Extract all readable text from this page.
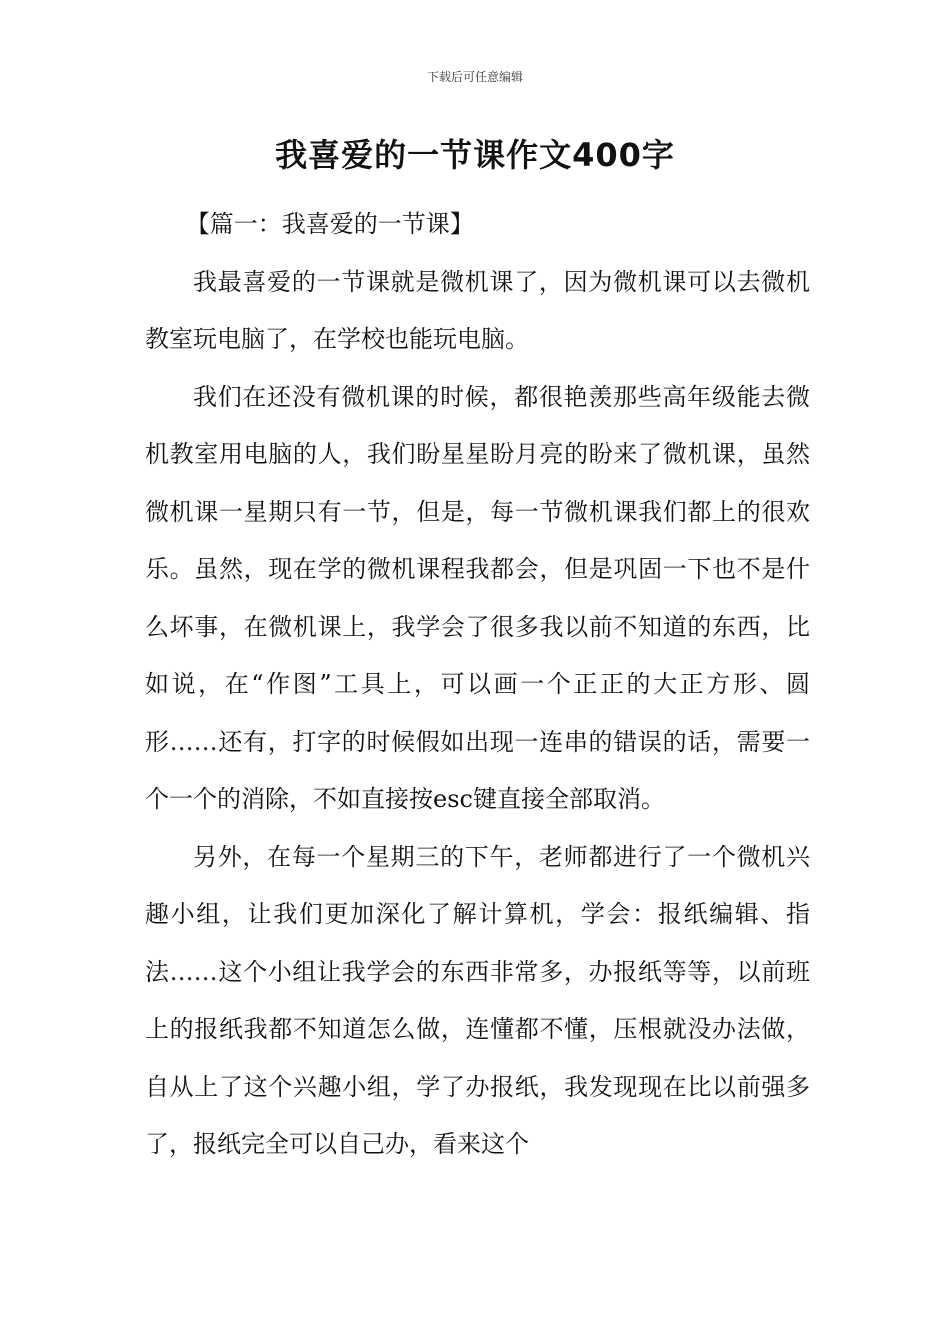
下载后可任意编辑
我喜爱的一节课作文400字

【篇一：我喜爱的一节课】

我最喜爱的一节课就是微机课了，因为微机课可以去微机教室玩电脑了，在学校也能玩电脑。

我们在还没有微机课的时候，都很艳羡那些高年级能去微机教室用电脑的人，我们盼星星盼月亮的盼来了微机课，虽然微机课一星期只有一节，但是，每一节微机课我们都上的很欢乐。虽然，现在学的微机课程我都会，但是巩固一下也不是什么坏事，在微机课上，我学会了很多我以前不知道的东西，比如说，在“作图”工具上，可以画一个正正的大正方形、圆形……还有，打字的时候假如出现一连串的错误的话，需要一个一个的消除，不如直接按esc键直接全部取消。

另外，在每一个星期三的下午，老师都进行了一个微机兴趣小组，让我们更加深化了解计算机，学会：报纸编辑、指法……这个小组让我学会的东西非常多，办报纸等等，以前班上的报纸我都不知道怎么做，连懂都不懂，压根就没办法做，自从上了这个兴趣小组，学了办报纸，我发现现在比以前强多了，报纸完全可以自己办，看来这个
